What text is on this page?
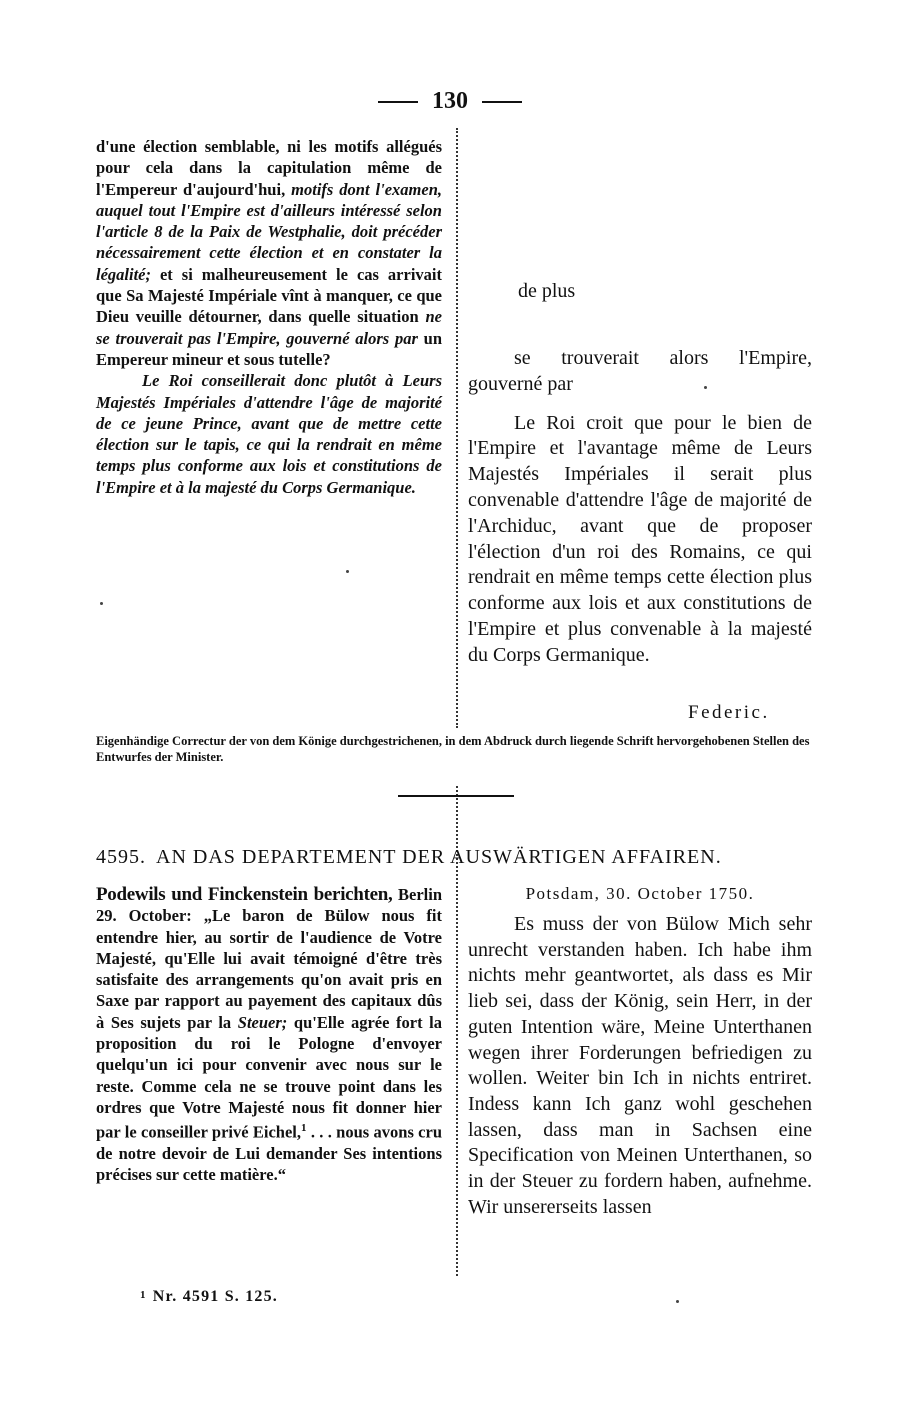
130

d'une élection semblable, ni les motifs allégués pour cela dans la capitulation même de l'Empereur d'aujourd'hui, motifs dont l'examen, auquel tout l'Empire est d'ailleurs intéressé selon l'article 8 de la Paix de Westphalie, doit précéder nécessairement cette élection et en constater la légalité; et si malheureusement le cas arrivait que Sa Majesté Impériale vînt à manquer, ce que Dieu veuille détourner, dans quelle situation ne se trouverait pas l'Empire, gouverné alors par un Empereur mineur et sous tutelle?

Le Roi conseillerait donc plutôt à Leurs Majestés Impériales d'attendre l'âge de majorité de ce jeune Prince, avant que de mettre cette élection sur le tapis, ce qui la rendrait en même temps plus conforme aux lois et constitutions de l'Empire et à la majesté du Corps Germanique.

de plus

se trouverait alors l'Empire, gouverné par

Le Roi croit que pour le bien de l'Empire et l'avantage même de Leurs Majestés Impériales il serait plus convenable d'attendre l'âge de majorité de l'Archiduc, avant que de proposer l'élection d'un roi des Romains, ce qui rendrait en même temps cette élection plus conforme aux lois et aux constitutions de l'Empire et plus convenable à la majesté du Corps Germanique.

Federic.
Eigenhändige Correctur der von dem Könige durchgestrichenen, in dem Abdruck durch liegende Schrift hervorgehobenen Stellen des Entwurfes der Minister.
4595. AN DAS DEPARTEMENT DER AUSWÄRTIGEN AFFAIREN.
Podewils und Finckenstein berichten, Berlin 29. October: „Le baron de Bülow nous fit entendre hier, au sortir de l'audience de Votre Majesté, qu'Elle lui avait témoigné d'être très satisfaite des arrangements qu'on avait pris en Saxe par rapport au payement des capitaux dûs à Ses sujets par la Steuer; qu'Elle agrée fort la proposition du roi le Pologne d'envoyer quelqu'un ici pour convenir avec nous sur le reste. Comme cela ne se trouve point dans les ordres que Votre Majesté nous fit donner hier par le conseiller privé Eichel,$^1$ . . . nous avons cru de notre devoir de Lui demander Ses intentions précises sur cette matière.“
Potsdam, 30. October 1750.
Es muss der von Bülow Mich sehr unrecht verstanden haben. Ich habe ihm nichts mehr geantwortet, als dass es Mir lieb sei, dass der König, sein Herr, in der guten Intention wäre, Meine Unterthanen wegen ihrer Forderungen befriedigen zu wollen. Weiter bin Ich in nichts entriret. Indess kann Ich ganz wohl geschehen lassen, dass man in Sachsen eine Specification von Meinen Unterthanen, so in der Steuer zu fordern haben, aufnehme. Wir unsererseits lassen
$^1$ Nr. 4591 S. 125.
